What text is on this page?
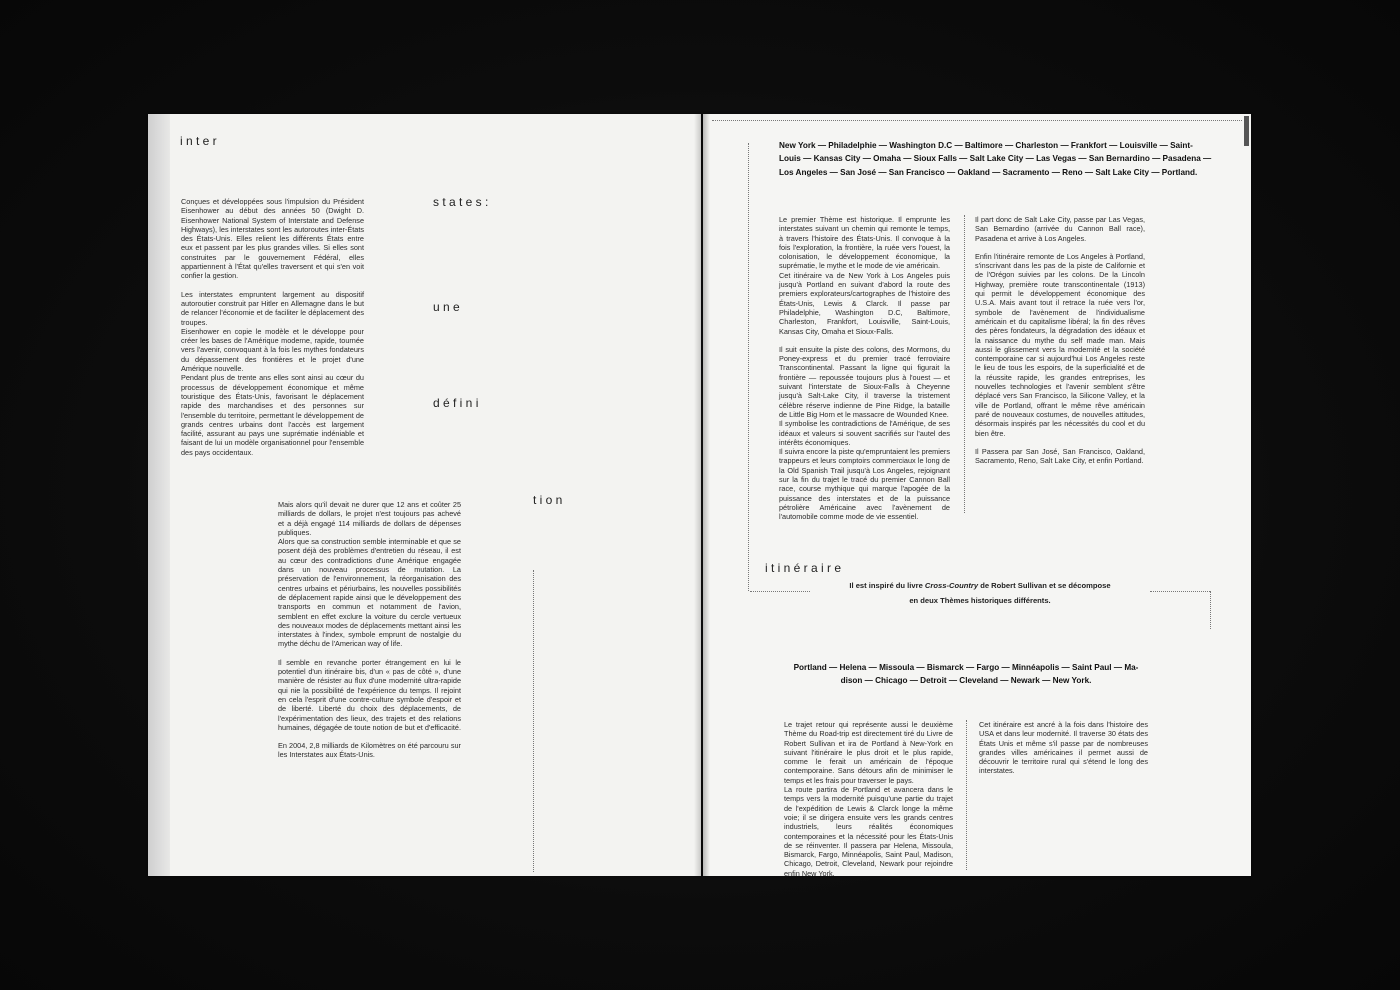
i n t e r
s t a t e s :
u n e
d é f i n i
t i o n

Conçues et développées sous l'impulsion du Président Eisenhower au début des années 50 (Dwight D. Eisenhower National System of Interstate and Defense Highways), les interstates sont les autoroutes inter-États des États-Unis. Elles relient les différents États entre eux et passent par les plus grandes villes. Si elles sont construites par le gouvernement Fédéral, elles appartiennent à l'État qu'elles traversent et qui s'en voit confier la gestion.

Les interstates empruntent largement au dispositif autoroutier construit par Hitler en Allemagne dans le but de relancer l'économie et de faciliter le déplacement des troupes.
Eisenhower en copie le modèle et le développe pour créer les bases de l'Amérique moderne, rapide, tournée vers l'avenir, convoquant à la fois les mythes fondateurs du dépassement des frontières et le projet d'une Amérique nouvelle.
Pendant plus de trente ans elles sont ainsi au cœur du processus de développement économique et même touristique des États-Unis, favorisant le déplacement rapide des marchandises et des personnes sur l'ensemble du territoire, permettant le développement de grands centres urbains dont l'accès est largement facilité, assurant au pays une suprématie indéniable et faisant de lui un modèle organisationnel pour l'ensemble des pays occidentaux.

Mais alors qu'il devait ne durer que 12 ans et coûter 25 milliards de dollars, le projet n'est toujours pas achevé et a déjà engagé 114 milliards de dollars de dépenses publiques.
Alors que sa construction semble interminable et que se posent déjà des problèmes d'entretien du réseau, il est au cœur des contradictions d'une Amérique engagée dans un nouveau processus de mutation. La préservation de l'environnement, la réorganisation des centres urbains et périurbains, les nouvelles possibilités de déplacement rapide ainsi que le développement des transports en commun et notamment de l'avion, semblent en effet exclure la voiture du cercle vertueux des nouveaux modes de déplacements mettant ainsi les interstates à l'index, symbole emprunt de nostalgie du mythe déchu de l'American way of life.

Il semble en revanche porter étrangement en lui le potentiel d'un itinéraire bis, d'un « pas de côté », d'une manière de résister au flux d'une modernité ultra-rapide qui nie la possibilité de l'expérience du temps. Il rejoint en cela l'esprit d'une contre-culture symbole d'espoir et de liberté. Liberté du choix des déplacements, de l'expérimentation des lieux, des trajets et des relations humaines, dégagée de toute notion de but et d'efficacité.

En 2004, 2,8 milliards de Kilomètres on été parcouru sur les Interstates aux États-Unis.

New York — Philadelphie — Washington D.C — Baltimore — Charleston — Frankfort — Louisville — Saint-
Louis — Kansas City — Omaha — Sioux Falls — Salt Lake City — Las Vegas — San Bernardino — Pasadena —
Los Angeles — San José — San Francisco — Oakland — Sacramento — Reno — Salt Lake City — Portland.

Le premier Thème est historique. Il emprunte les interstates suivant un chemin qui remonte le temps, à travers l'histoire des États-Unis. Il convoque à la fois l'exploration, la frontière, la ruée vers l'ouest, la colonisation, le développement économique, la suprématie, le mythe et le mode de vie américain.
Cet itinéraire va de New York à Los Angeles puis jusqu'à Portland en suivant d'abord la route des premiers explorateurs/cartographes de l'histoire des États-Unis, Lewis & Clarck. Il passe par Philadelphie, Washington D.C, Baltimore, Charleston, Frankfort, Louisville, Saint-Louis, Kansas City, Omaha et Sioux-Falls.

Il suit ensuite la piste des colons, des Mormons, du Poney-express et du premier tracé ferroviaire Transcontinental. Passant la ligne qui figurait la frontière — repoussée toujours plus à l'ouest — et suivant l'interstate de Sioux-Falls à Cheyenne jusqu'à Salt-Lake City, il traverse la tristement célèbre réserve indienne de Pine Ridge, la bataille de Little Big Horn et le massacre de Wounded Knee.
Il symbolise les contradictions de l'Amérique, de ses idéaux et valeurs si souvent sacrifiés sur l'autel des intérêts économiques.
Il suivra encore la piste qu'empruntaient les premiers trappeurs et leurs comptoirs commerciaux le long de la Old Spanish Trail jusqu'à Los Angeles, rejoignant sur la fin du trajet le tracé du premier Cannon Ball race, course mythique qui marque l'apogée de la puissance des interstates et de la puissance pétrolière Américaine avec l'avènement de l'automobile comme mode de vie essentiel.

Il part donc de Salt Lake City, passe par Las Vegas, San Bernardino (arrivée du Cannon Ball race), Pasadena et arrive à Los Angeles.

Enfin l'itinéraire remonte de Los Angeles à Portland, s'inscrivant dans les pas de la piste de Californie et de l'Orégon suivies par les colons. De la Lincoln Highway, première route transcontinentale (1913) qui permit le développement économique des U.S.A. Mais avant tout il retrace la ruée vers l'or, symbole de l'avènement de l'individualisme américain et du capitalisme libéral; la fin des rêves des pères fondateurs, la dégradation des idéaux et la naissance du mythe du self made man. Mais aussi le glissement vers la modernité et la société contemporaine car si aujourd'hui Los Angeles reste le lieu de tous les espoirs, de la superficialité et de la réussite rapide, les grandes entreprises, les nouvelles technologies et l'avenir semblent s'être déplacé vers San Francisco, la Silicone Valley, et la ville de Portland, offrant le même rêve américain paré de nouveaux costumes, de nouvelles attitudes, désormais inspirés par les nécessités du cool et du bien être.

Il Passera par San José, San Francisco, Oakland, Sacramento, Reno, Salt Lake City, et enfin Portland.

i t i n é r a i r e
Il est inspiré du livre Cross-Country de Robert Sullivan et se décompose
en deux Thèmes historiques différents.
Portland — Helena — Missoula — Bismarck — Fargo — Minnéapolis — Saint Paul — Ma-
dison — Chicago — Detroit — Cleveland — Newark — New York.

Le trajet retour qui représente aussi le deuxième Thème du Road-trip est directement tiré du Livre de Robert Sullivan et ira de Portland à New-York en suivant l'itinéraire le plus droit et le plus rapide, comme le ferait un américain de l'époque contemporaine. Sans détours afin de minimiser le temps et les frais pour traverser le pays.
La route partira de Portland et avancera dans le temps vers la modernité puisqu'une partie du trajet de l'expédition de Lewis & Clarck longe la même voie; il se dirigera ensuite vers les grands centres industriels, leurs réalités économiques contemporaines et la nécessité pour les États-Unis de se réinventer. Il passera par Helena, Missoula, Bismarck, Fargo, Minnéapolis, Saint Paul, Madison, Chicago, Detroit, Cleveland, Newark pour rejoindre enfin New York.

Cet itinéraire est ancré à la fois dans l'histoire des USA et dans leur modernité. Il traverse 30 états des États Unis et même s'il passe par de nombreuses grandes villes américaines il permet aussi de découvrir le territoire rural qui s'étend le long des interstates.
